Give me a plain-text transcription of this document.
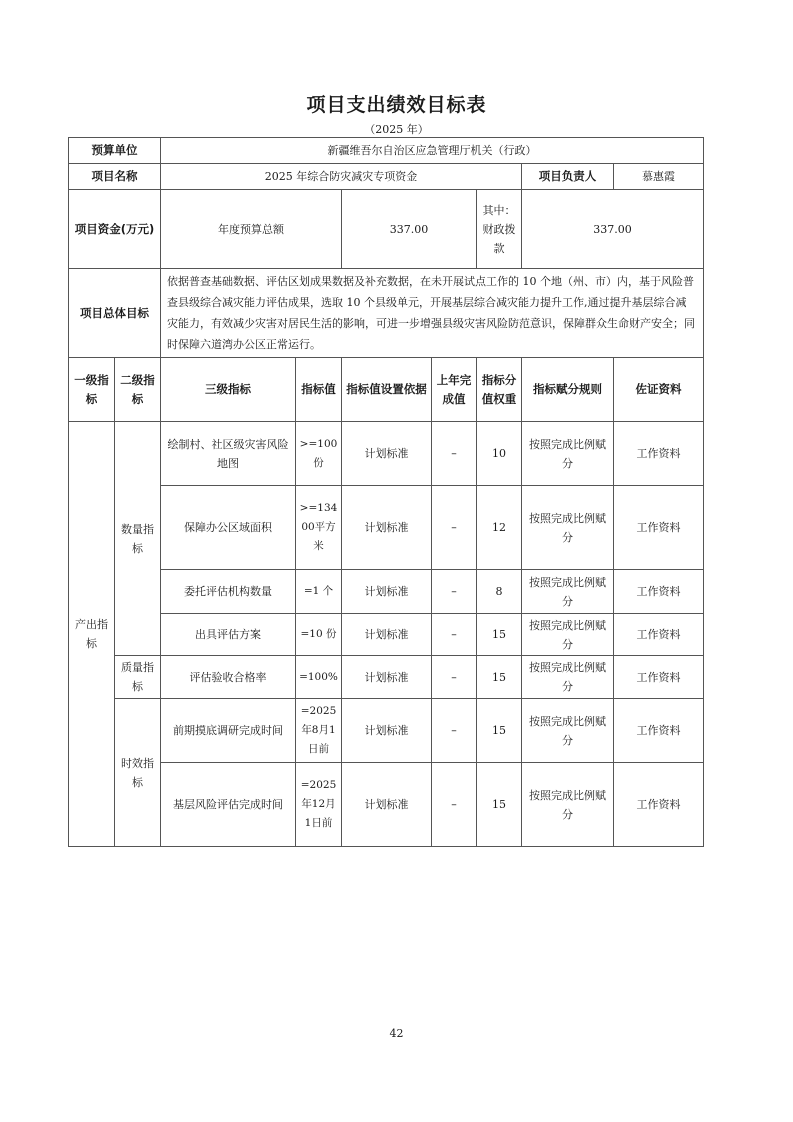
项目支出绩效目标表
（2025 年）
预算单位		新疆维吾尔自治区应急管理厅机关（行政）							
项目名称		2025 年综合防灾减灾专项资金					项目负责人	慕惠霞	
项目资金(万元)		年度预算总额		337.00		其中：财政拨款	337.00		
项目总体目标		依据普查基础数据、评估区划成果数据及补充数据，在未开展试点工作的 10 个地（州、市）内，基于风险普查县级综合减灾能力评估成果，选取 10 个县级单元，开展基层综合减灾能力提升工作,通过提升基层综合减灾能力，有效减少灾害对居民生活的影响，可进一步增强县级灾害风险防范意识，保障群众生命财产安全；同时保障六道湾办公区正常运行。							
一级指标	二级指标	三级指标	指标值	指标值设置依据	上年完成值	指标分值权重	指标赋分规则	佐证资料	
产出指标	数量指标	绘制村、社区级灾害风险地图	>=100份	计划标准	–	10	按照完成比例赋分	工作资料	
		保障办公区域面积	>=13400平方米	计划标准	–	12	按照完成比例赋分	工作资料	
		委托评估机构数量	=1 个	计划标准	–	8	按照完成比例赋分	工作资料	
		出具评估方案	=10 份	计划标准	–	15	按照完成比例赋分	工作资料	
	质量指标	评估验收合格率	=100%	计划标准	–	15	按照完成比例赋分	工作资料	
	时效指标	前期摸底调研完成时间	=2025年8月1日前	计划标准	–	15	按照完成比例赋分	工作资料	
		基层风险评估完成时间	=2025年12月1日前	计划标准	–	15	按照完成比例赋分	工作资料	
42
